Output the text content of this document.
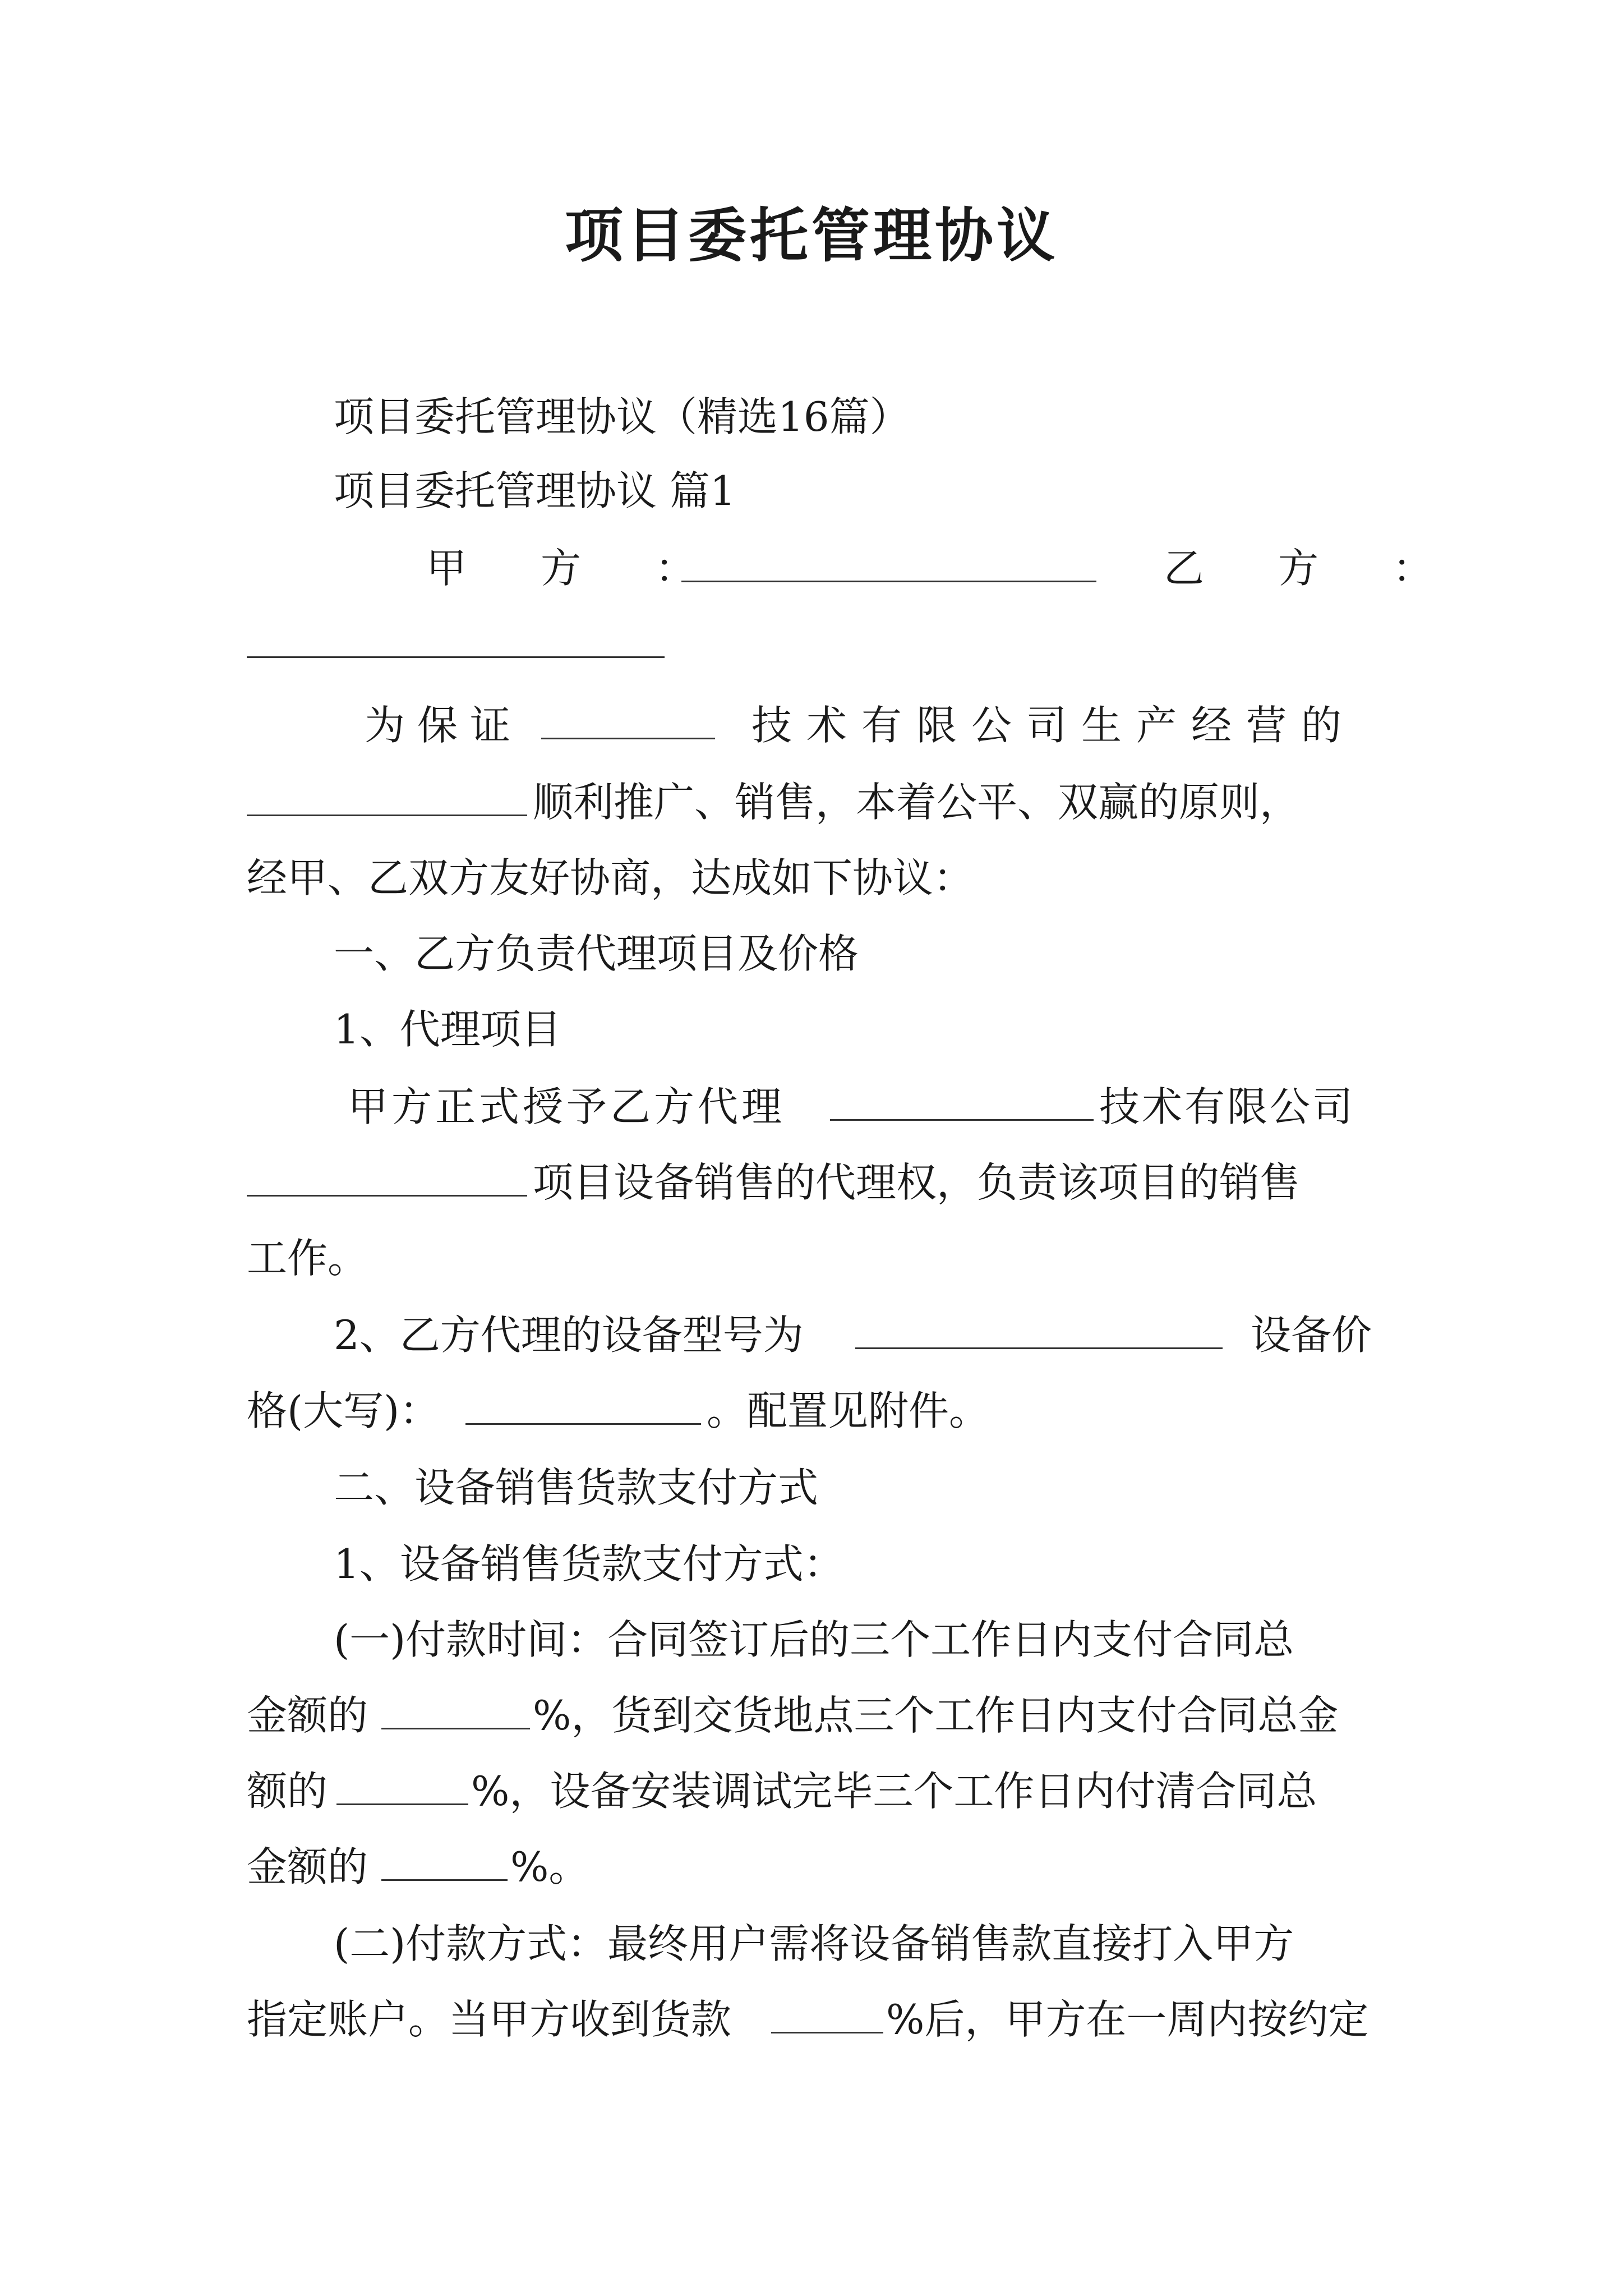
项目委托管理协议
项目委托管理协议（精选16篇）
项目委托管理协议 篇1
甲　方　：	乙　方　：
为保证	技术有限公司生产经营的
顺利推广、销售，本着公平、双赢的原则，
经甲、乙双方友好协商，达成如下协议：
一、乙方负责代理项目及价格
1、代理项目
甲方正式授予乙方代理	技术有限公司
项目设备销售的代理权，负责该项目的销售
工作。
2、乙方代理的设备型号为	设备价
格(大写)：	。配置见附件。
二、设备销售货款支付方式
1、设备销售货款支付方式：
(一)付款时间：合同签订后的三个工作日内支付合同总
金额的	%，货到交货地点三个工作日内支付合同总金
额的	%，设备安装调试完毕三个工作日内付清合同总
金额的	%。
(二)付款方式：最终用户需将设备销售款直接打入甲方
指定账户。当甲方收到货款	%后，甲方在一周内按约定
